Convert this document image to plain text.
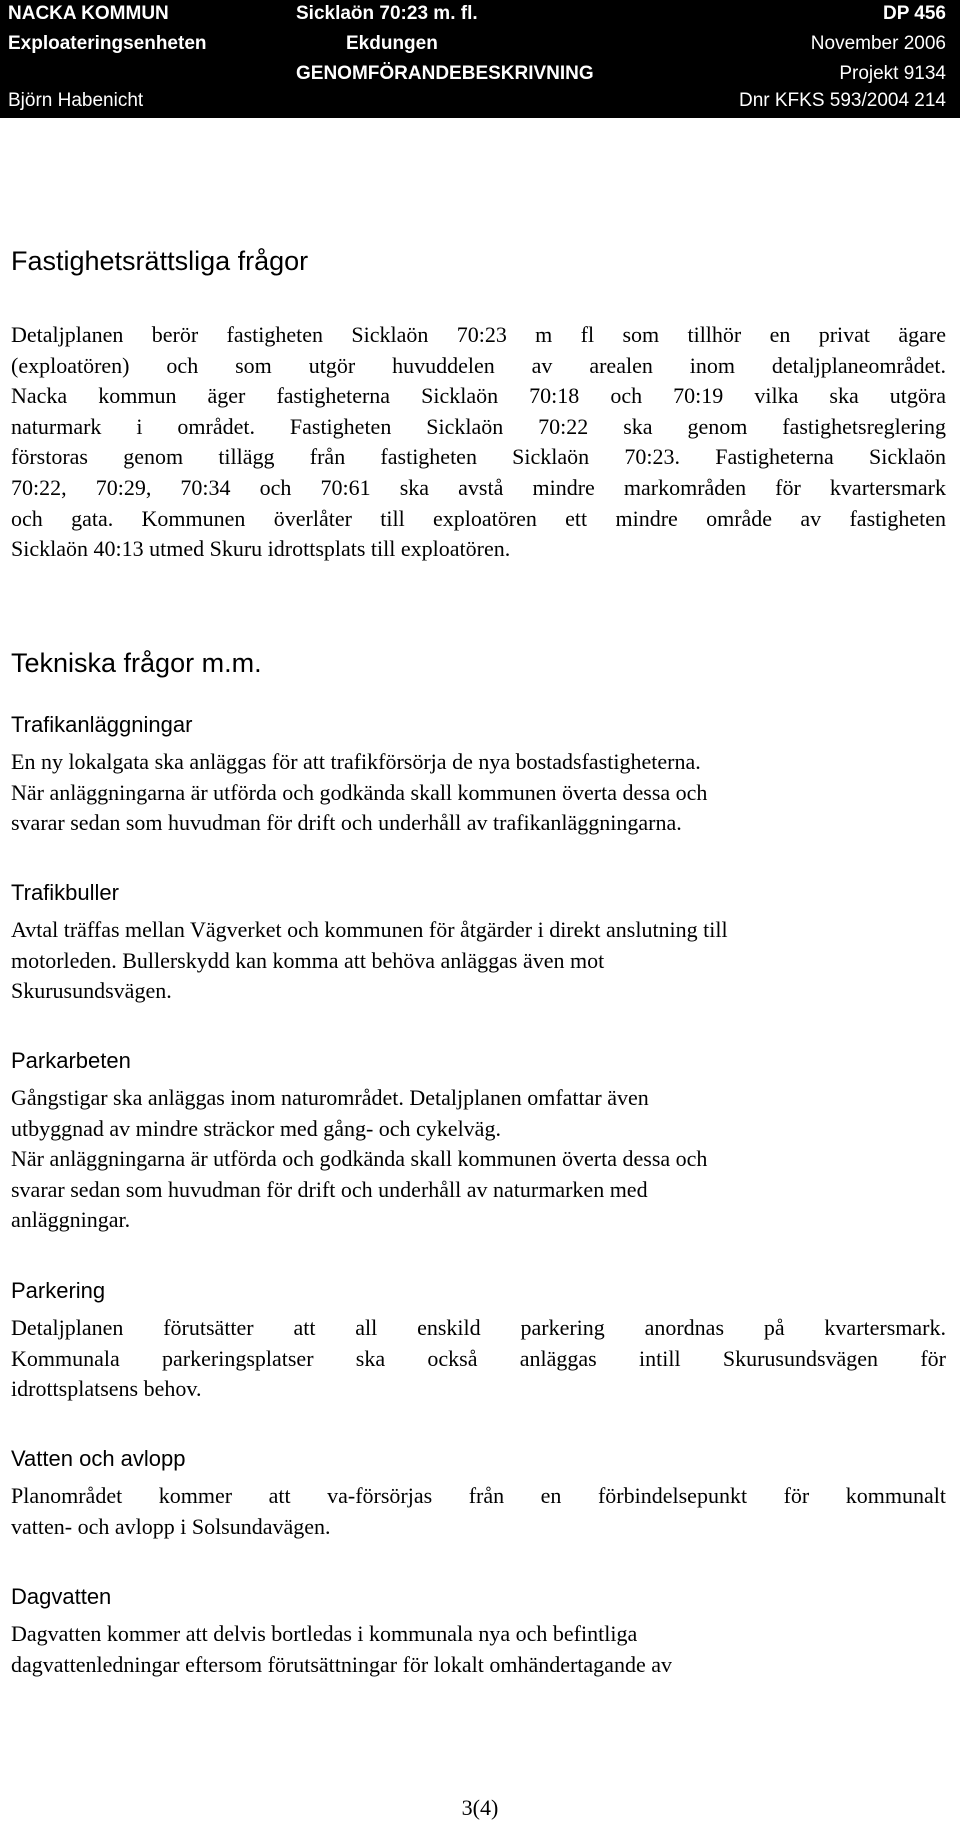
NACKA KOMMUN	Sicklaön 70:23 m. fl.	DP 456
Exploateringsenheten	Ekdungen	November 2006
GENOMFÖRANDEBESKRIVNING	Projekt 9134
Björn Habenicht	Dnr KFKS 593/2004 214
Fastighetsrättsliga frågor
Detaljplanen berör fastigheten Sicklaön 70:23 m fl som tillhör en privat ägare
(exploatören) och som utgör huvuddelen av arealen inom detaljplaneområdet.
Nacka kommun äger fastigheterna Sicklaön 70:18 och 70:19 vilka ska utgöra
naturmark i området. Fastigheten Sicklaön 70:22 ska genom fastighetsreglering
förstoras genom tillägg från fastigheten Sicklaön 70:23. Fastigheterna Sicklaön
70:22, 70:29, 70:34 och 70:61 ska avstå mindre markområden för kvartersmark
och gata. Kommunen överlåter till exploatören ett mindre område av fastigheten
Sicklaön 40:13 utmed Skuru idrottsplats till exploatören.
Tekniska frågor m.m.
Trafikanläggningar
En ny lokalgata ska anläggas för att trafikförsörja de nya bostadsfastigheterna.
När anläggningarna är utförda och godkända skall kommunen överta dessa och
svarar sedan som huvudman för drift och underhåll av trafikanläggningarna.
Trafikbuller
Avtal träffas mellan Vägverket och kommunen för åtgärder i direkt anslutning till
motorleden. Bullerskydd kan komma att behöva anläggas även mot
Skurusundsvägen.
Parkarbeten
Gångstigar ska anläggas inom naturområdet. Detaljplanen omfattar även
utbyggnad av mindre sträckor med gång- och cykelväg.
När anläggningarna är utförda och godkända skall kommunen överta dessa och
svarar sedan som huvudman för drift och underhåll av naturmarken med
anläggningar.
Parkering
Detaljplanen förutsätter att all enskild parkering anordnas på kvartersmark.
Kommunala parkeringsplatser ska också anläggas intill Skurusundsvägen för
idrottsplatsens behov.
Vatten och avlopp
Planområdet kommer att va-försörjas från en förbindelsepunkt för kommunalt
vatten- och avlopp i Solsundavägen.
Dagvatten
Dagvatten kommer att delvis bortledas i kommunala nya och befintliga
dagvattenledningar eftersom förutsättningar för lokalt omhändertagande av
3(4)
